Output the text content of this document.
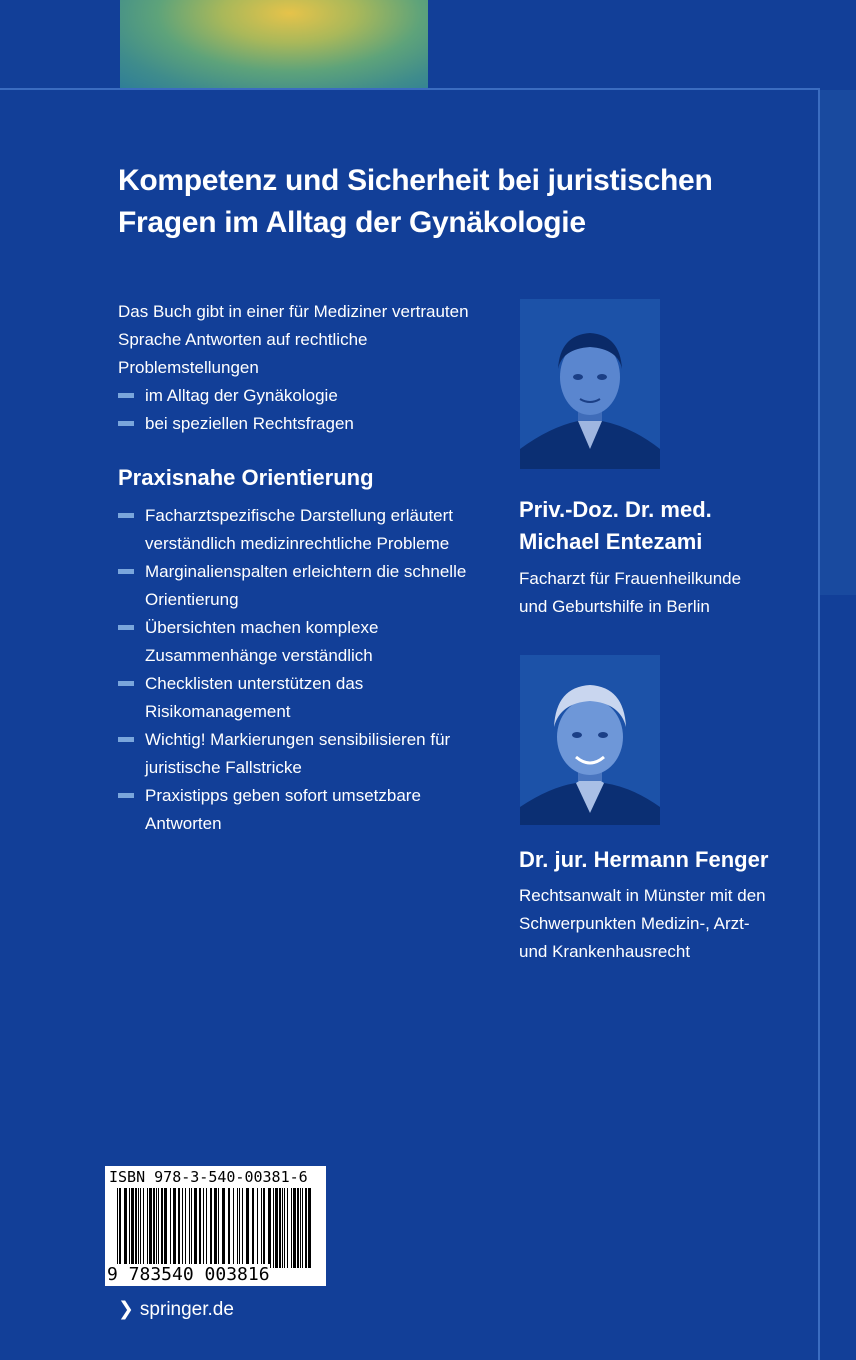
Kompetenz und Sicherheit bei juristischen
Fragen im Alltag der Gynäkologie
Das Buch gibt in einer für Mediziner vertrauten
Sprache Antworten auf rechtliche
Problemstellungen
im Alltag der Gynäkologie
bei speziellen Rechtsfragen
Praxisnahe Orientierung
Facharztspezifische Darstellung erläutert
verständlich medizinrechtliche Probleme
Marginalienspalten erleichtern die schnelle
Orientierung
Übersichten machen komplexe
Zusammenhänge verständlich
Checklisten unterstützen das
Risikomanagement
Wichtig! Markierungen sensibilisieren für
juristische Fallstricke
Praxistipps geben sofort umsetzbare
Antworten
Priv.-Doz. Dr. med.
Michael Entezami
Facharzt für Frauenheilkunde
und Geburtshilfe in Berlin
Dr. jur. Hermann Fenger
Rechtsanwalt in Münster mit den
Schwerpunkten Medizin-, Arzt-
und Krankenhausrecht
ISBN 978-3-540-00381-6
9 783540 003816
❯ springer.de
